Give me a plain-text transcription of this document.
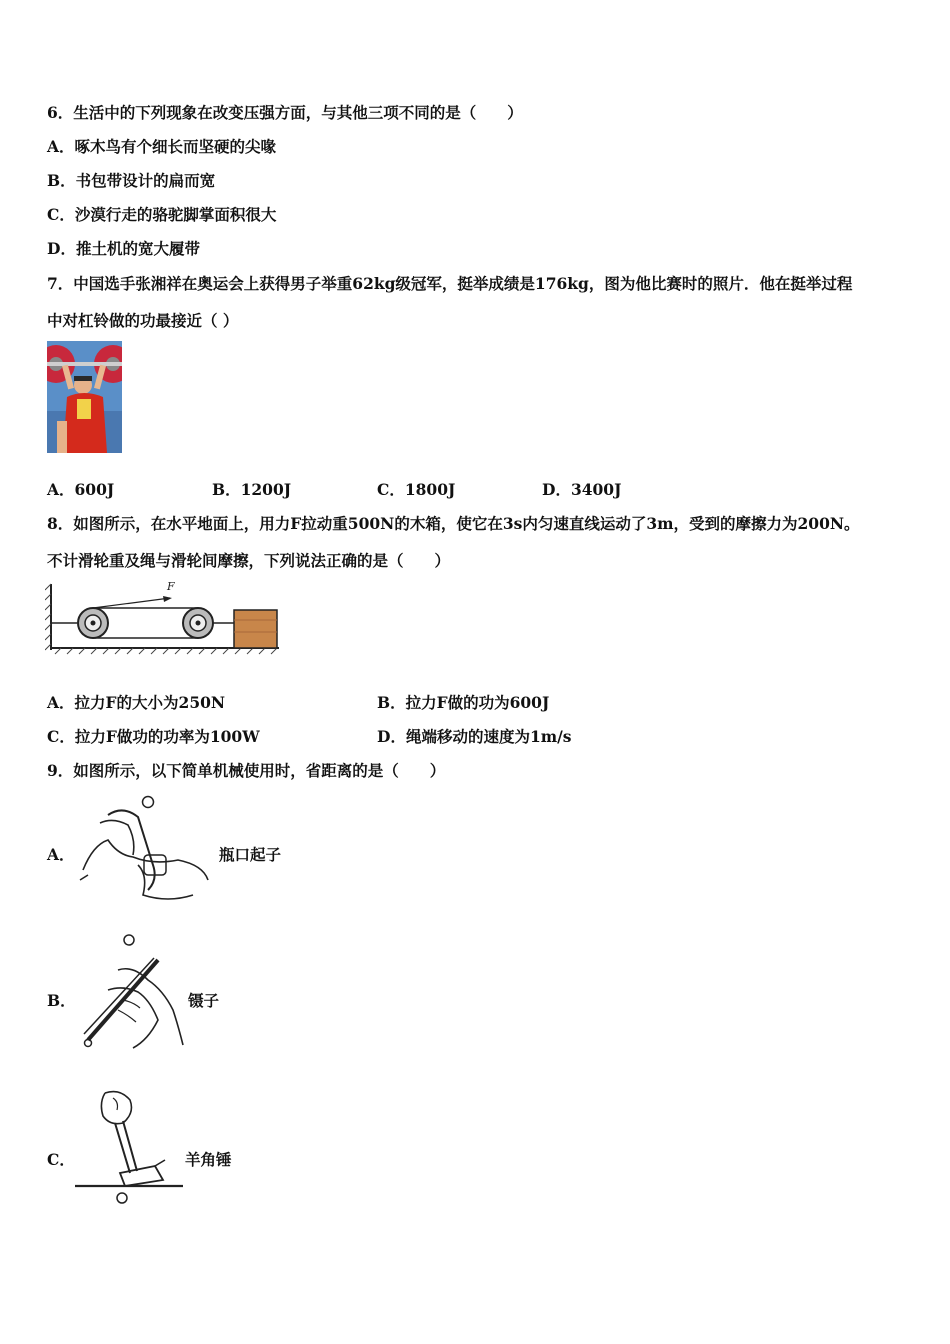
6．生活中的下列现象在改变压强方面，与其他三项不同的是（　　）
A．啄木鸟有个细长而坚硬的尖喙
B．书包带设计的扁而宽
C．沙漠行走的骆驼脚掌面积很大
D．推土机的宽大履带
7．中国选手张湘祥在奥运会上获得男子举重62kg级冠军，挺举成绩是176kg，图为他比赛时的照片．他在挺举过程
中对杠铃做的功最接近（ ）
A．600J	B．1200J	C．1800J	D．3400J
8．如图所示，在水平地面上，用力F拉动重500N的木箱，使它在3s内匀速直线运动了3m，受到的摩擦力为200N。
不计滑轮重及绳与滑轮间摩擦，下列说法正确的是（　　）
F
A．拉力F的大小为250N	B．拉力F做的功为600J
C．拉力F做功的功率为100W	D．绳端移动的速度为1m/s
9．如图所示，以下简单机械使用时，省距离的是（　　）
A．	瓶口起子
B．	镊子
C．	羊角锤
